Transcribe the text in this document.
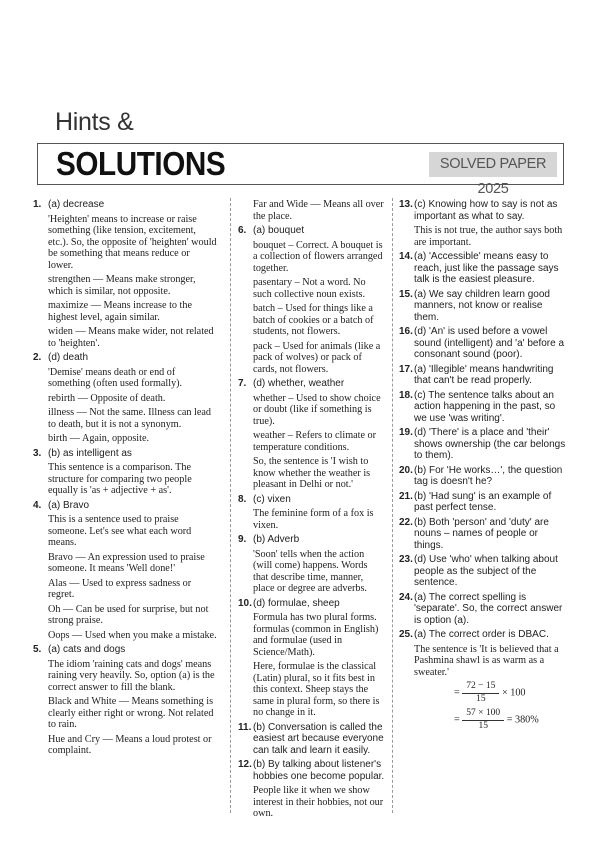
Hints &
SOLUTIONS	SOLVED PAPER 2025
1. (a) decrease

'Heighten' means to increase or raise something (like tension, excitement, etc.). So, the opposite of 'heighten' would be something that means reduce or lower.

strengthen — Means make stronger, which is similar, not opposite.

maximize — Means increase to the highest level, again similar.

widen — Means make wider, not related to 'heighten'.

2. (d) death

'Demise' means death or end of something (often used formally).

rebirth — Opposite of death.

illness — Not the same. Illness can lead to death, but it is not a synonym.

birth — Again, opposite.

3. (b) as intelligent as

This sentence is a comparison. The structure for comparing two people equally is 'as + adjective + as'.

4. (a) Bravo

This is a sentence used to praise someone. Let's see what each word means.

Bravo — An expression used to praise someone. It means 'Well done!'

Alas — Used to express sadness or regret.

Oh — Can be used for surprise, but not strong praise.

Oops — Used when you make a mistake.

5. (a) cats and dogs

The idiom 'raining cats and dogs' means raining very heavily. So, option (a) is the correct answer to fill the blank.

Black and White — Means something is clearly either right or wrong. Not related to rain.

Hue and Cry — Means a loud protest or complaint.

Far and Wide — Means all over the place.

6. (a) bouquet

bouquet – Correct. A bouquet is a collection of flowers arranged together.

pasentary – Not a word. No such collective noun exists.

batch – Used for things like a batch of cookies or a batch of students, not flowers.

pack – Used for animals (like a pack of wolves) or pack of cards, not flowers.

7. (d) whether, weather

whether – Used to show choice or doubt (like if something is true).

weather – Refers to climate or temperature conditions.

So, the sentence is 'I wish to know whether the weather is pleasant in Delhi or not.'

8. (c) vixen

The feminine form of a fox is vixen.

9. (b) Adverb

'Soon' tells when the action (will come) happens. Words that describe time, manner, place or degree are adverbs.

10. (d) formulae, sheep

Formula has two plural forms. formulas (common in English) and formulae (used in Science/Math).

Here, formulae is the classical (Latin) plural, so it fits best in this context. Sheep stays the same in plural form, so there is no change in it.

11. (b) Conversation is called the easiest art because everyone can talk and learn it easily.
12. (b) By talking about listener's hobbies one become popular.

People like it when we show interest in their hobbies, not our own.

13. (c) Knowing how to say is not as important as what to say.

This is not true, the author says both are important.

14. (a) 'Accessible' means easy to reach, just like the passage says talk is the easiest pleasure.
15. (a) We say children learn good manners, not know or realise them.
16. (d) 'An' is used before a vowel sound (intelligent) and 'a' before a consonant sound (poor).
17. (a) 'Illegible' means handwriting that can't be read properly.
18. (c) The sentence talks about an action happening in the past, so we use 'was writing'.
19. (d) 'There' is a place and 'their' shows ownership (the car belongs to them).
20. (b) For 'He works…', the question tag is doesn't he?
21. (b) 'Had sung' is an example of past perfect tense.
22. (b) Both 'person' and 'duty' are nouns – names of people or things.
23. (d) Use 'who' when talking about people as the subject of the sentence.
24. (a) The correct spelling is 'separate'. So, the correct answer is option (a).
25. (a) The correct order is DBAC.

The sentence is 'It is believed that a Pashmina shawl is as warm as a sweater.'

= $\frac{72 - 15}{15} \times 100$
= $\frac{57 \times 100}{15} = 380\%$
